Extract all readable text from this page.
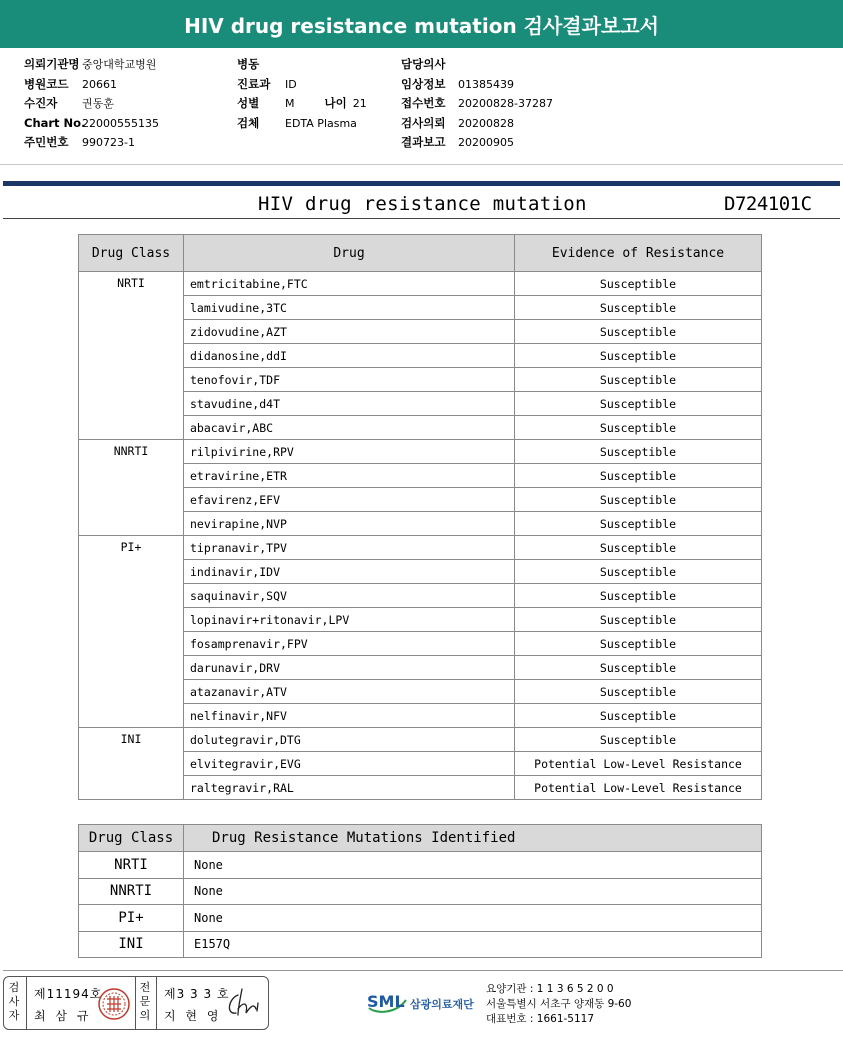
HIV drug resistance mutation 검사결과보고서
의뢰기관명 중앙대학교병원
병원코드 20661
수진자 권동훈
Chart No.22000555135
주민번호 990723-1
병동
진료과 ID
성별 M	나이 21
검체 EDTA Plasma
담당의사
임상정보 01385439
접수번호 20200828-37287
검사의뢰 20200828
결과보고 20200905
HIV drug resistance mutation	D724101C
Drug Class	Drug	Evidence of Resistance
NRTI	emtricitabine,FTC	Susceptible
	lamivudine,3TC	Susceptible
	zidovudine,AZT	Susceptible
	didanosine,ddI	Susceptible
	tenofovir,TDF	Susceptible
	stavudine,d4T	Susceptible
	abacavir,ABC	Susceptible
NNRTI	rilpivirine,RPV	Susceptible
	etravirine,ETR	Susceptible
	efavirenz,EFV	Susceptible
	nevirapine,NVP	Susceptible
PI+	tipranavir,TPV	Susceptible
	indinavir,IDV	Susceptible
	saquinavir,SQV	Susceptible
	lopinavir+ritonavir,LPV	Susceptible
	fosamprenavir,FPV	Susceptible
	darunavir,DRV	Susceptible
	atazanavir,ATV	Susceptible
	nelfinavir,NFV	Susceptible
INI	dolutegravir,DTG	Susceptible
	elvitegravir,EVG	Potential Low-Level Resistance
	raltegravir,RAL	Potential Low-Level Resistance
Drug Class	Drug Resistance Mutations Identified
NRTI	None
NNRTI	None
PI+	None
INI	E157Q
검사자
제11194호
최 삼 규
전문의
제3 3 3 호
지 현 영
SML 삼광의료재단
요양기관 : 1 1 3 6 5 2 0 0
서울특별시 서초구 양재동 9-60
대표번호 : 1661-5117
